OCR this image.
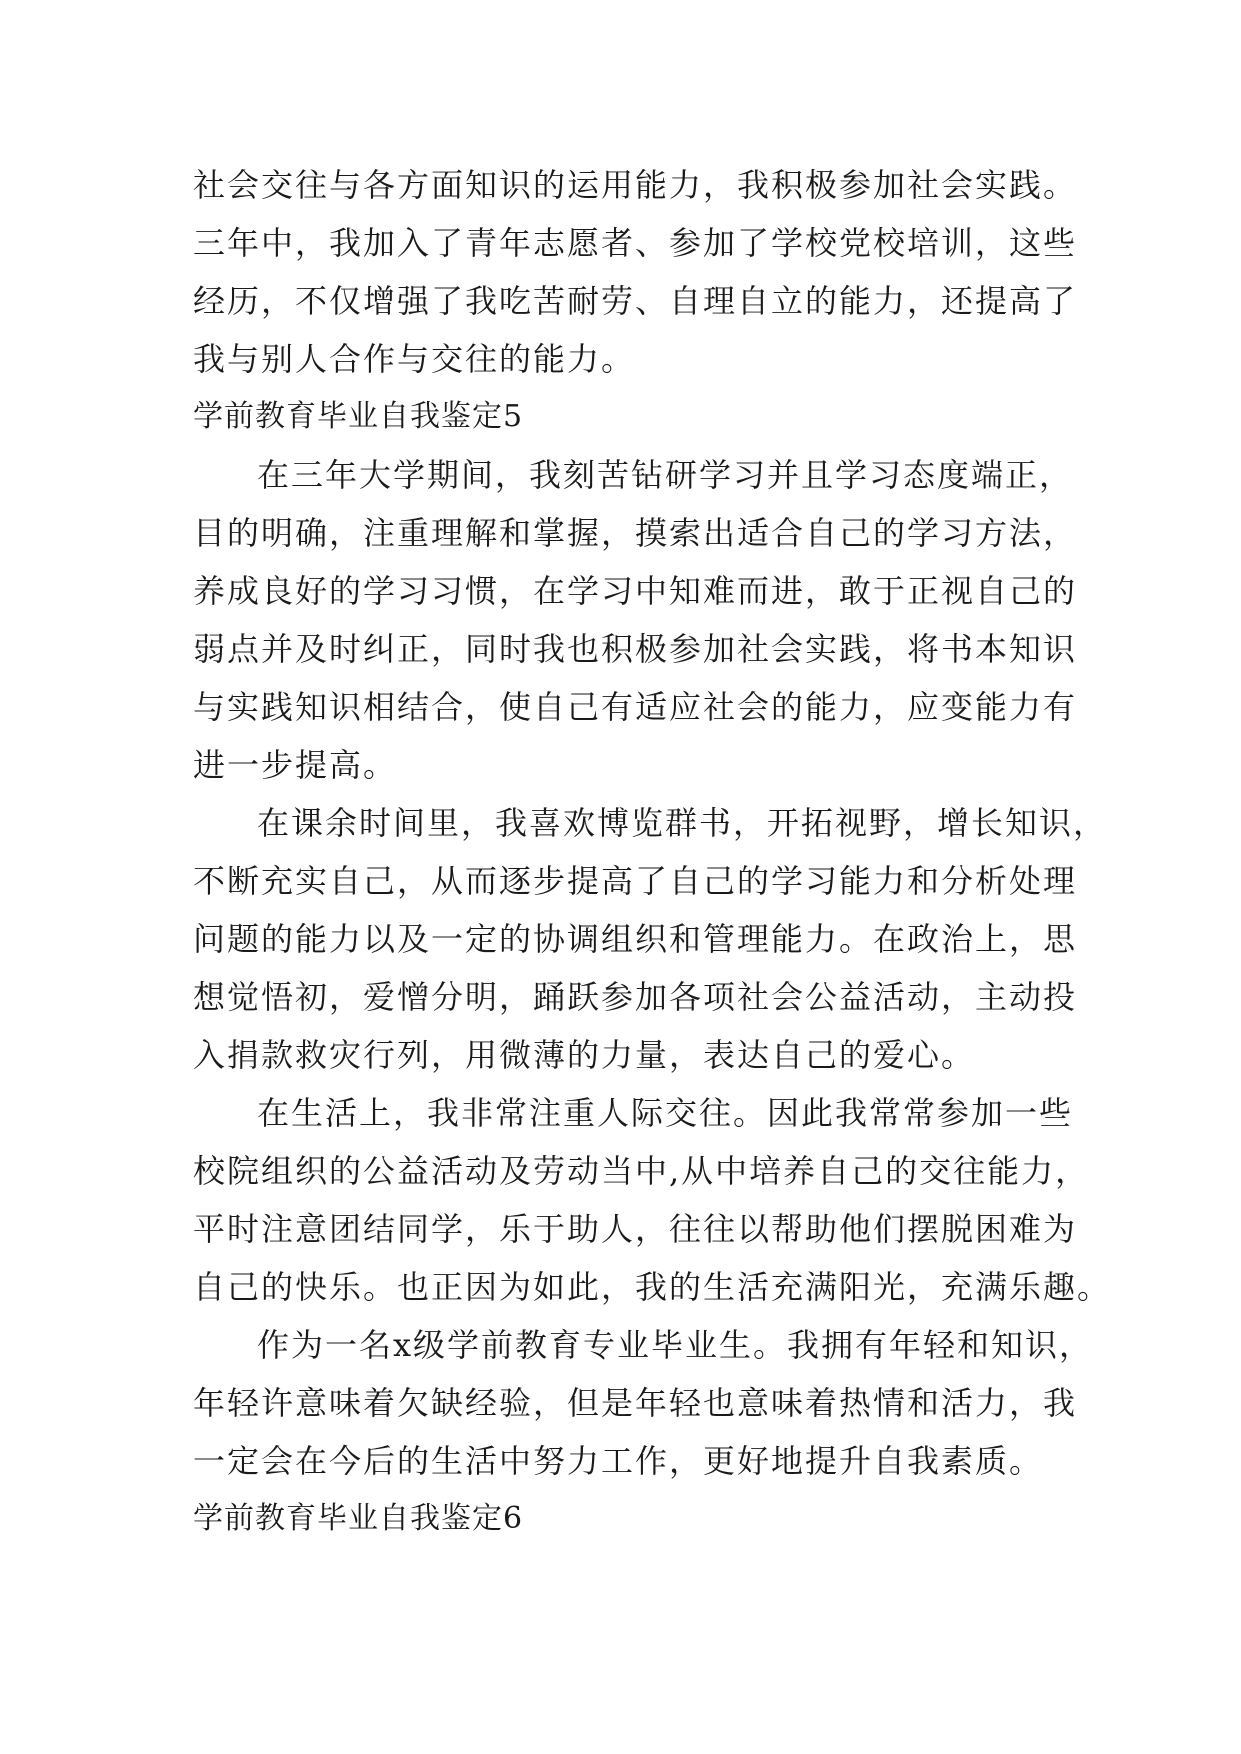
社会交往与各方面知识的运用能力，我积极参加社会实践。
三年中，我加入了青年志愿者、参加了学校党校培训，这些
经历，不仅增强了我吃苦耐劳、自理自立的能力，还提高了
我与别人合作与交往的能力。
学前教育毕业自我鉴定5
在三年大学期间，我刻苦钻研学习并且学习态度端正，
目的明确，注重理解和掌握，摸索出适合自己的学习方法，
养成良好的学习习惯，在学习中知难而进，敢于正视自己的
弱点并及时纠正，同时我也积极参加社会实践，将书本知识
与实践知识相结合，使自己有适应社会的能力，应变能力有
进一步提高。
在课余时间里，我喜欢博览群书，开拓视野，增长知识，
不断充实自己，从而逐步提高了自己的学习能力和分析处理
问题的能力以及一定的协调组织和管理能力。在政治上，思
想觉悟初，爱憎分明，踊跃参加各项社会公益活动，主动投
入捐款救灾行列，用微薄的力量，表达自己的爱心。
在生活上，我非常注重人际交往。因此我常常参加一些
校院组织的公益活动及劳动当中,从中培养自己的交往能力，
平时注意团结同学，乐于助人，往往以帮助他们摆脱困难为
自己的快乐。也正因为如此，我的生活充满阳光，充满乐趣。
作为一名x级学前教育专业毕业生。我拥有年轻和知识，
年轻许意味着欠缺经验，但是年轻也意味着热情和活力，我
一定会在今后的生活中努力工作，更好地提升自我素质。
学前教育毕业自我鉴定6
